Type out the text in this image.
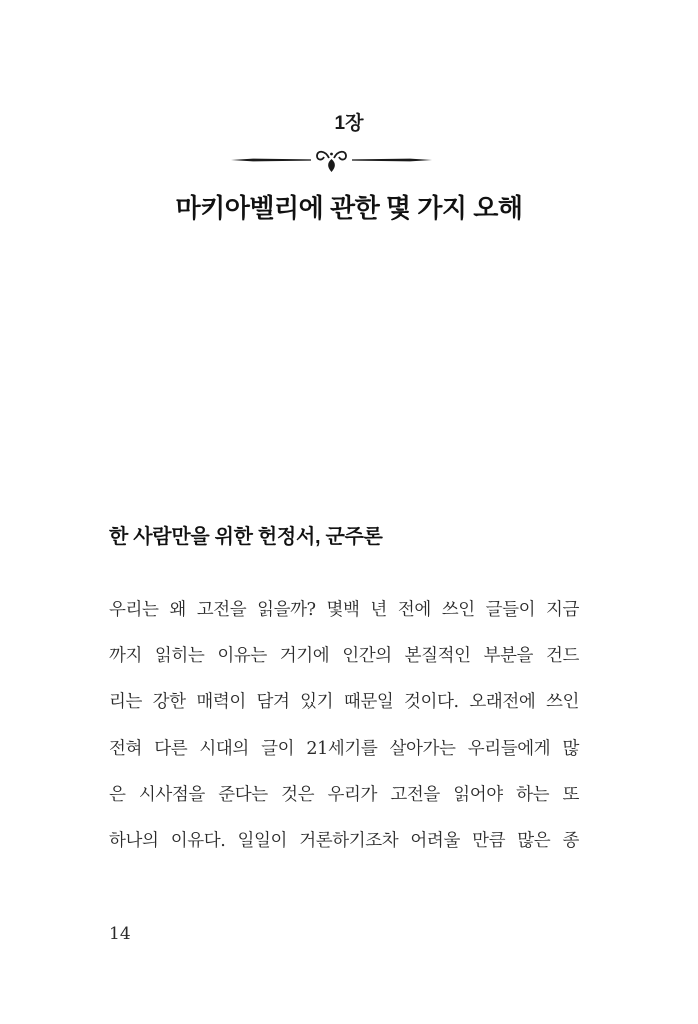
1장
마키아벨리에 관한 몇 가지 오해
한 사람만을 위한 헌정서, 군주론
우리는 왜 고전을 읽을까? 몇백 년 전에 쓰인 글들이 지금
까지 읽히는 이유는 거기에 인간의 본질적인 부분을 건드
리는 강한 매력이 담겨 있기 때문일 것이다. 오래전에 쓰인
전혀 다른 시대의 글이 21세기를 살아가는 우리들에게 많
은 시사점을 준다는 것은 우리가 고전을 읽어야 하는 또
하나의 이유다. 일일이 거론하기조차 어려울 만큼 많은 종
14
